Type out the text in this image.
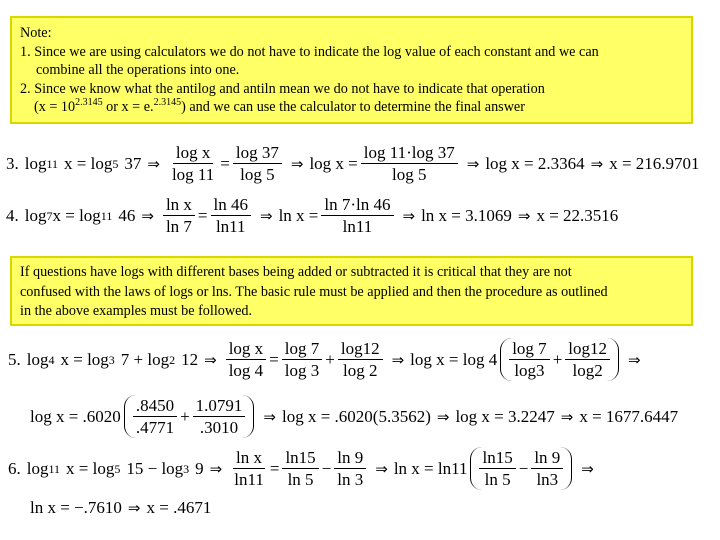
Note:
1. Since we are using calculators we do not have to indicate the log value of each constant and we can
combine all the operations into one.
2. Since we know what the antilog and antiln mean we do not have to indicate that operation
($x = 10^{2.3145}$ or x = e.$^{2.3145}$) and we can use the calculator to determine the final answer
3. log 11 x = log 5 37 ⇒ $\frac{\text{log x}}{\log 11} = \frac{\log 37}{\log 5}$ ⇒ $\log x = \frac{\log 11\cdot\log 37}{\log 5}$ ⇒ log x = 2.3364 ⇒ x = 216.9701
4. log 7 x = log 11 46 ⇒ $\frac{\text{ln x}}{\ln 7} = \frac{\ln 46}{\ln 11}$ ⇒ $\ln x = \frac{\ln 7\cdot\ln 46}{\ln 11}$ ⇒ ln x = 3.1069 ⇒ x = 22.3516
If questions have logs with different bases being added or subtracted it is critical that they are not
confused with the laws of logs or lns. The basic rule must be applied and then the procedure as outlined
in the above examples must be followed.
5. log 4 x = log 3 7 + log 2 12 ⇒ $\frac{\text{log x}}{\log 4} = \frac{\log 7}{\log 3} + \frac{\log 12}{\log 2}$ ⇒ $\log x = \log 4 \frac{\log 7}{\log 3} + \frac{\log 12}{\log 2}$ ⇒
$\log x = .6020 \frac{.8450}{.4771} + \frac{1.0791}{.3010}$ ⇒ log x = .6020(5.3562) ⇒ log x = 3.2247 ⇒ x = 1677.6447
6. log 11 x = log 5 15 − log 3 9 ⇒ $\frac{\text{ln x}}{\ln 11} = \frac{\ln 15}{\ln 5} - \frac{\ln 9}{\ln 3}$ ⇒ $\ln x = \ln 11 \frac{\ln 15}{\ln 5} - \frac{\ln 9}{\ln 3}$ ⇒
ln x = −.7610 ⇒ x = .4671
